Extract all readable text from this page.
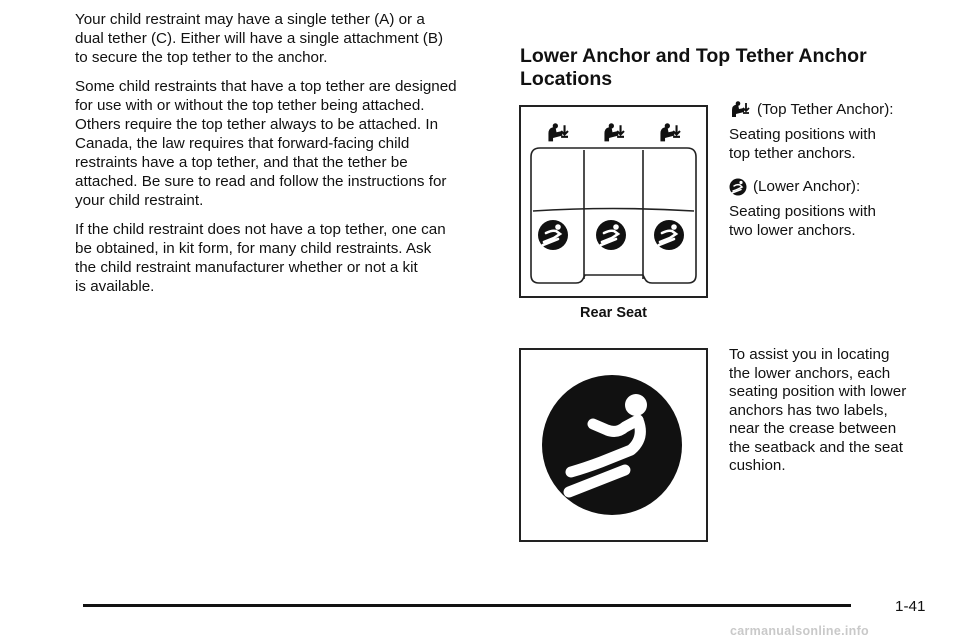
Your child restraint may have a single tether (A) or a
dual tether (C). Either will have a single attachment (B)
to secure the top tether to the anchor.

Some child restraints that have a top tether are designed
for use with or without the top tether being attached.
Others require the top tether always to be attached. In
Canada, the law requires that forward-facing child
restraints have a top tether, and that the tether be
attached. Be sure to read and follow the instructions for
your child restraint.

If the child restraint does not have a top tether, one can
be obtained, in kit form, for many child restraints. Ask
the child restraint manufacturer whether or not a kit
is available.

Lower Anchor and Top Tether Anchor
Locations
Rear Seat
(Top Tether Anchor):
Seating positions with
top tether anchors.
(Lower Anchor):
Seating positions with
two lower anchors.

To assist you in locating
the lower anchors, each
seating position with lower
anchors has two labels,
near the crease between
the seatback and the seat
cushion.

1-41
carmanualsonline.info
